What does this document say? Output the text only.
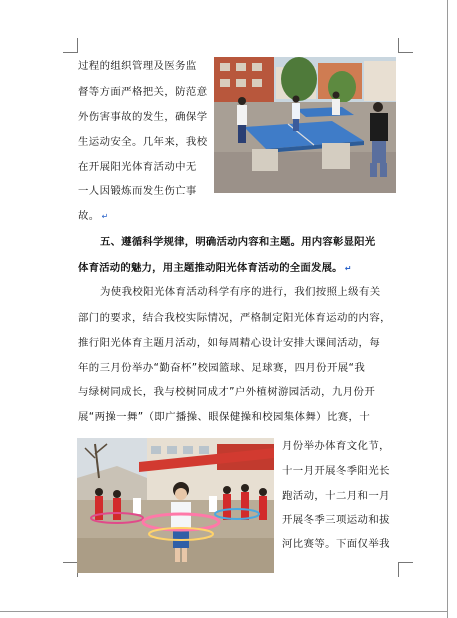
过程的组织管理及医务监
督等方面严格把关，防范意
外伤害事故的发生，确保学
生运动安全。几年来，我校
在开展阳光体育活动中无
一人因锻炼而发生伤亡事
故。 ↵
五、遵循科学规律，明确活动内容和主题。用内容彰显阳光
体育活动的魅力，用主题推动阳光体育活动的全面发展。 ↵
为使我校阳光体育活动科学有序的进行，我们按照上级有关
部门的要求，结合我校实际情况，严格制定阳光体育运动的内容，
推行阳光体育主题月活动，如每周精心设计安排大课间活动，每
年的三月份举办“勤奋杯”校园篮球、足球赛，四月份开展“我
与绿树同成长，我与校树同成才”户外植树游园活动，九月份开
展“两操一舞”（即广播操、眼保健操和校园集体舞）比赛，十
月份举办体育文化节，
十一月开展冬季阳光长
跑活动，十二月和一月
开展冬季三项运动和拔
河比赛等。下面仅举我
